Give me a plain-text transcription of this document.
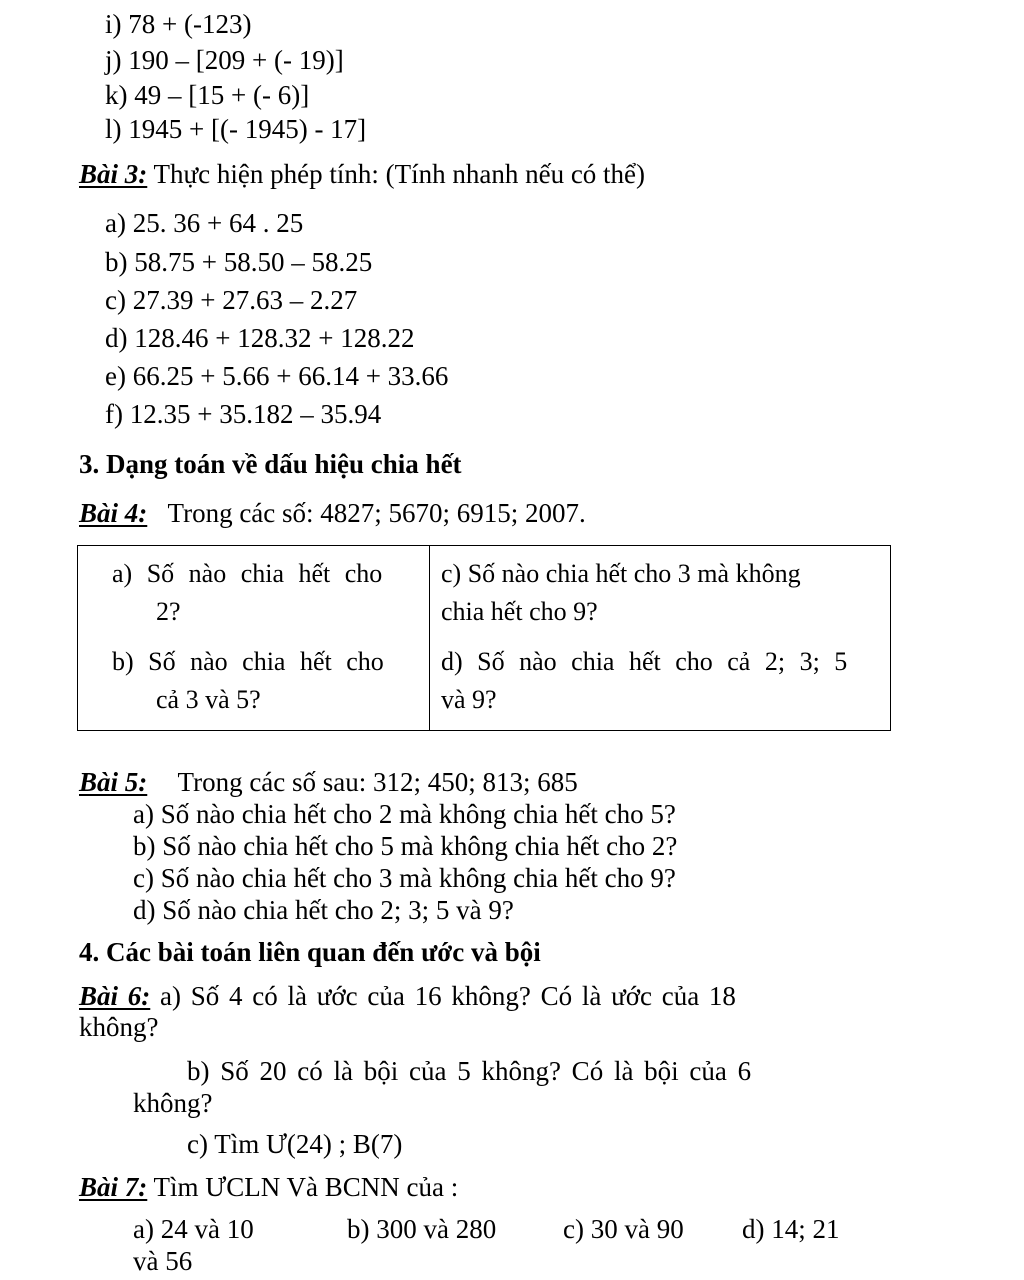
i) 78 + (-123)
j) 190 – [209 + (- 19)]
k) 49 – [15 + (- 6)]
l) 1945 + [(- 1945) - 17]
Bài 3: Thực hiện phép tính: (Tính nhanh nếu có thể)
a) 25. 36 + 64 . 25
b) 58.75 + 58.50 – 58.25
c) 27.39 + 27.63 – 2.27
d) 128.46 + 128.32 + 128.22
e) 66.25 + 5.66 + 66.14 + 33.66
f) 12.35 + 35.182 – 35.94
3. Dạng toán về dấu hiệu chia hết
Bài 4: Trong các số: 4827; 5670; 6915; 2007.
a) Số nào chia hết cho
2?
c) Số nào chia hết cho 3 mà không
chia hết cho 9?
b) Số nào chia hết cho
cả 3 và 5?
d) Số nào chia hết cho cả 2; 3; 5
và 9?
Bài 5: Trong các số sau: 312; 450; 813; 685
a) Số nào chia hết cho 2 mà không chia hết cho 5?
b) Số nào chia hết cho 5 mà không chia hết cho 2?
c) Số nào chia hết cho 3 mà không chia hết cho 9?
d) Số nào chia hết cho 2; 3; 5 và 9?
4. Các bài toán liên quan đến ước và bội
Bài 6: a) Số 4 có là ước của 16 không? Có là ước của 18
không?
b) Số 20 có là bội của 5 không? Có là bội của 6
không?
c) Tìm Ư(24) ; B(7)
Bài 7: Tìm ƯCLN Và BCNN của :
a) 24 và 10	b) 300 và 280 c) 30 và 90 d) 14; 21
và 56
